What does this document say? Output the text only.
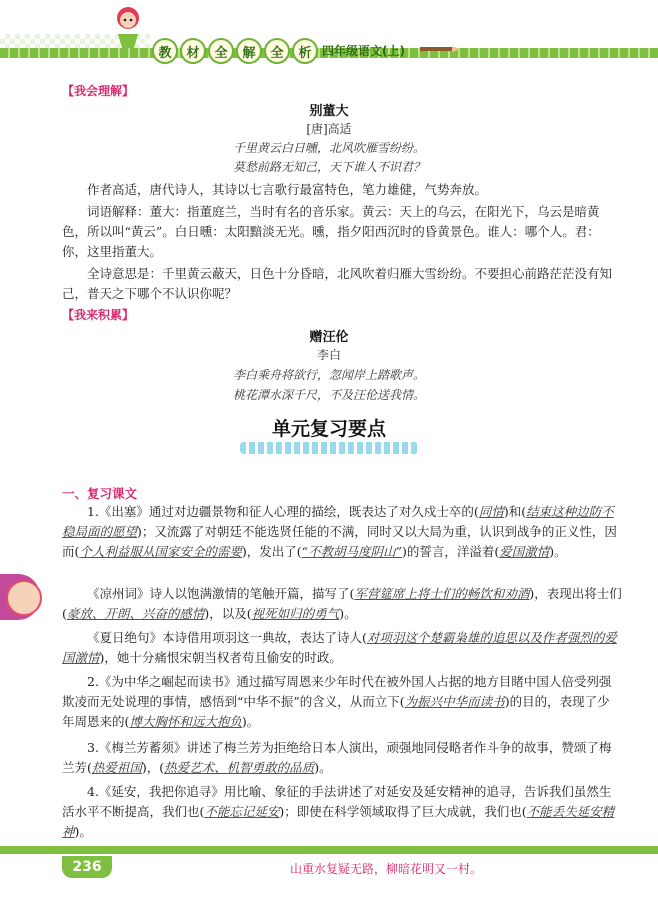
教	材	全	解	全	析 四年级语文(上)
【我会理解】
别董大
[唐]高适
千里黄云白日曛，北风吹雁雪纷纷。
莫愁前路无知己，天下谁人不识君？

作者高适，唐代诗人，其诗以七言歌行最富特色，笔力雄健，气势奔放。

词语解释：董大：指董庭兰，当时有名的音乐家。黄云：天上的乌云，在阳光下，乌云是暗黄色，所以叫“黄云”。白日曛：太阳黯淡无光。曛，指夕阳西沉时的昏黄景色。谁人：哪个人。君：你，这里指董大。

全诗意思是：千里黄云蔽天，日色十分昏暗，北风吹着归雁大雪纷纷。不要担心前路茫茫没有知己，普天之下哪个不认识你呢？

【我来积累】
赠汪伦
李白
李白乘舟将欲行，忽闻岸上踏歌声。
桃花潭水深千尺，不及汪伦送我情。
单元复习要点
一、复习课文

1.《出塞》通过对边疆景物和征人心理的描绘，既表达了对久戍士卒的(同情)和(结束这种边防不稳局面的愿望)；又流露了对朝廷不能选贤任能的不满，同时又以大局为重，认识到战争的正义性，因而(个人利益服从国家安全的需要)，发出了(“不教胡马度阴山”)的誓言，洋溢着(爱国激情)。

《凉州词》诗人以饱满激情的笔触开篇，描写了(军营筵席上将士们的畅饮和劝酒)，表现出将士们(豪放、开朗、兴奋的感情)，以及(视死如归的勇气)。

《夏日绝句》本诗借用项羽这一典故，表达了诗人(对项羽这个楚霸枭雄的追思以及作者强烈的爱国激情)，她十分痛恨宋朝当权者苟且偷安的时政。

2.《为中华之崛起而读书》通过描写周恩来少年时代在被外国人占据的地方目睹中国人倍受列强欺凌而无处说理的事情，感悟到“中华不振”的含义，从而立下(为振兴中华而读书)的目的，表现了少年周恩来的(博大胸怀和远大抱负)。

3.《梅兰芳蓄须》讲述了梅兰芳为拒绝给日本人演出，顽强地同侵略者作斗争的故事，赞颂了梅兰芳(热爱祖国)，(热爱艺术、机智勇敢的品质)。

4.《延安，我把你追寻》用比喻、象征的手法讲述了对延安及延安精神的追寻，告诉我们虽然生活水平不断提高，我们也(不能忘记延安)；即使在科学领域取得了巨大成就，我们也(不能丢失延安精神)。

236	山重水复疑无路，柳暗花明又一村。
